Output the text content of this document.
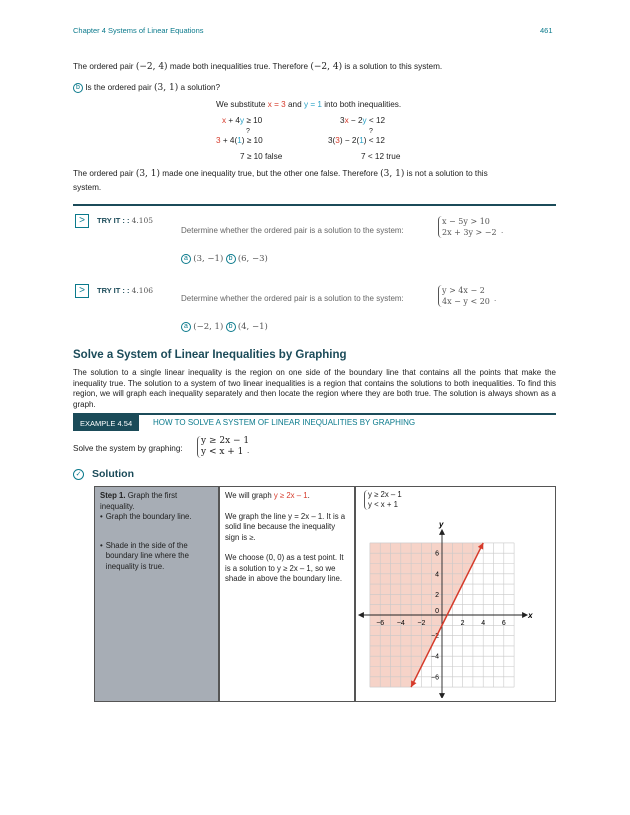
Chapter 4 Systems of Linear Equations	461
The ordered pair (−2, 4) made both inequalities true. Therefore (−2, 4) is a solution to this system.
b Is the ordered pair (3, 1) a solution?
We substitute x = 3 and y = 1 into both inequalities.
x + 4y ≥ 10	3x − 2y < 12
?	?
3 + 4(1) ≥ 10	3(3) − 2(1) < 12
7 ≥ 10 false	7 < 12 true
The ordered pair (3, 1) made one inequality true, but the other one false. Therefore (3, 1) is not a solution to this
system.
>	TRY IT : : 4.105
Determine whether the ordered pair is a solution to the system:
x − 5y > 10
2x + 3y > −2 .
a (3, −1) b (6, −3)
>	TRY IT : : 4.106
Determine whether the ordered pair is a solution to the system:
y > 4x − 2
4x − y < 20 .
a (−2, 1) b (4, −1)
Solve a System of Linear Inequalities by Graphing
The solution to a single linear inequality is the region on one side of the boundary line that contains all the points that make the inequality true. The solution to a system of two linear inequalities is a region that contains the solutions to both inequalities. To find this region, we will graph each inequality separately and then locate the region where they are both true. The solution is always shown as a graph.
EXAMPLE 4.54	HOW TO SOLVE A SYSTEM OF LINEAR INEQUALITIES BY GRAPHING
Solve the system by graphing:
y ≥ 2x − 1
y < x + 1 .
✓ Solution
Step 1. Graph the first inequality.
• Graph the boundary line.
• Shade in the side of the boundary line where the inequality is true.
We will graph y ≥ 2x – 1.
We graph the line y = 2x – 1. It is a solid line because the inequality sign is ≥.
We choose (0, 0) as a test point. It is a solution to y ≥ 2x – 1, so we shade in above the boundary line.
y ≥ 2x – 1
y < x + 1
x
y
−6 −4 −2	2 4 6
−6
−4
−2
2
4
6
0
